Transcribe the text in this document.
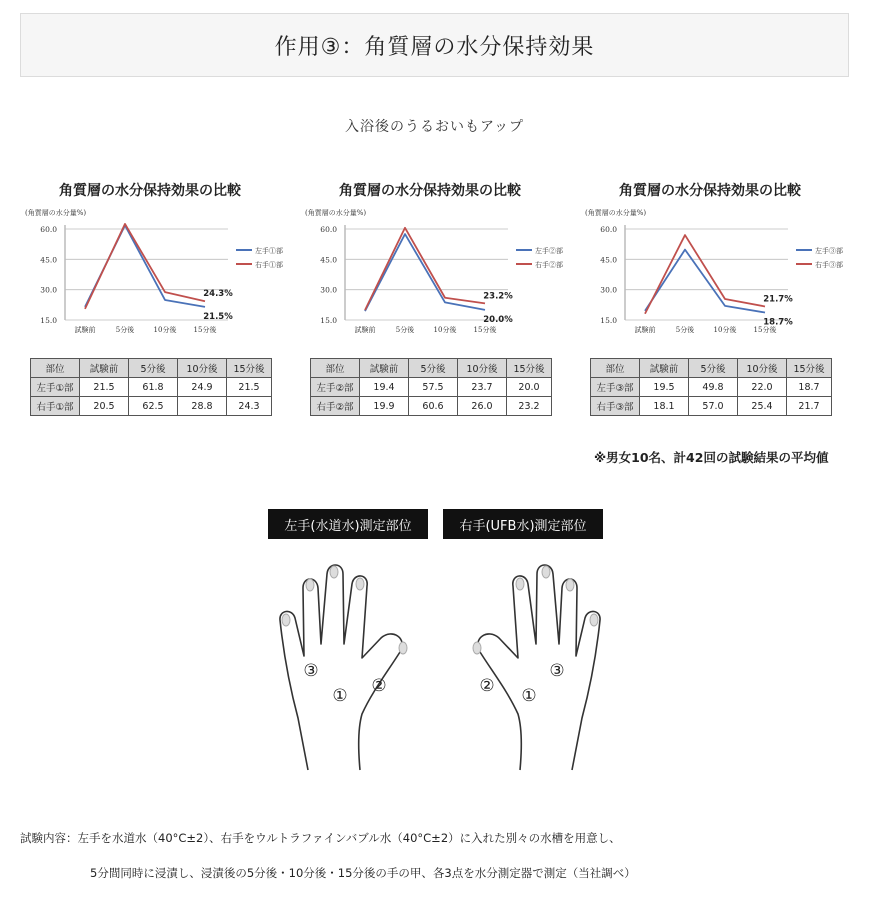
作用③：角質層の水分保持効果
入浴後のうるおいもアップ
角質層の水分保持効果の比較
(角質層の水分量%)
60.0
45.0
30.0
15.0
試験前	5分後	10分後 15分後
左手①部
右手①部
24.3%
21.5%
部位	試験前	5分後	10分後	15分後
左手①部	21.5	61.8	24.9	21.5
右手①部	20.5	62.5	28.8	24.3
角質層の水分保持効果の比較
(角質層の水分量%)
60.0
45.0
30.0
15.0
試験前	5分後	10分後 15分後
左手②部
右手②部
23.2%
20.0%
部位	試験前	5分後	10分後	15分後
左手②部	19.4	57.5	23.7	20.0
右手②部	19.9	60.6	26.0	23.2
角質層の水分保持効果の比較
(角質層の水分量%)
60.0
45.0
30.0
15.0
試験前	5分後	10分後 15分後
左手③部
右手③部
21.7%
18.7%
部位	試験前	5分後	10分後	15分後
左手③部	19.5	49.8	22.0	18.7
右手③部	18.1	57.0	25.4	21.7
※男女10名、計42回の試験結果の平均値
左手(水道水)測定部位	右手(UFB水)測定部位
③
① ②	② ①
③
試験内容：左手を水道水（40°C±2）、右手をウルトラファインバブル水（40°C±2）に入れた別々の水槽を用意し、
5分間同時に浸漬し、浸漬後の5分後・10分後・15分後の手の甲、各3点を水分測定器で測定（当社調べ）
